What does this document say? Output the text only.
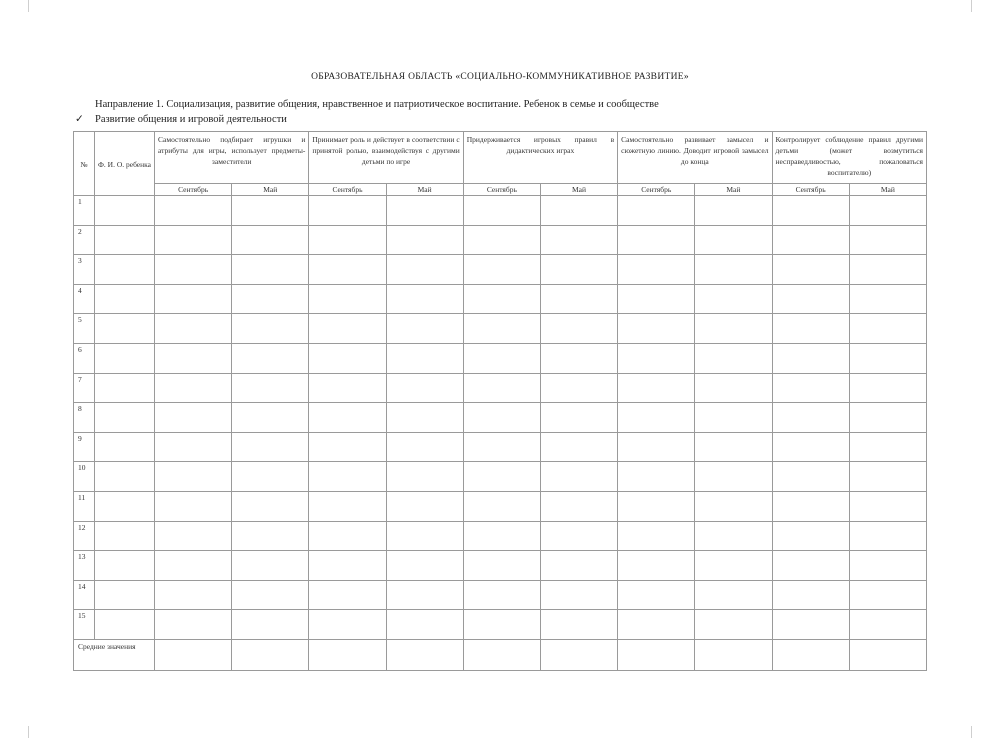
ОБРАЗОВАТЕЛЬНАЯ ОБЛАСТЬ «СОЦИАЛЬНО-КОММУНИКАТИВНОЕ РАЗВИТИЕ»
Направление 1. Социализация, развитие общения, нравственное и патриотическое воспитание. Ребенок в семье и сообществе
✓ Развитие общения и игровой деятельности
№	Ф. И. О. ребенка	Самостоятельно подбирает игрушки и атрибуты для игры, использует предметы-заместители		Принимает роль и действует в соответствии с принятой ролью, взаимодействуя с другими детьми по игре		Придерживается игровых правил в дидактических играх		Самостоятельно развивает замысел и сюжетную линию. Доводит игровой замысел до конца		Контролирует соблюдение правил другими детьми (может возмутиться несправедливостью, пожаловаться воспитателю)	
		Сентябрь	Май	Сентябрь	Май	Сентябрь	Май	Сентябрь	Май	Сентябрь	Май
1											
2											
3											
4											
5											
6											
7											
8											
9											
10											
11											
12											
13											
14											
15											
Средние значения											
